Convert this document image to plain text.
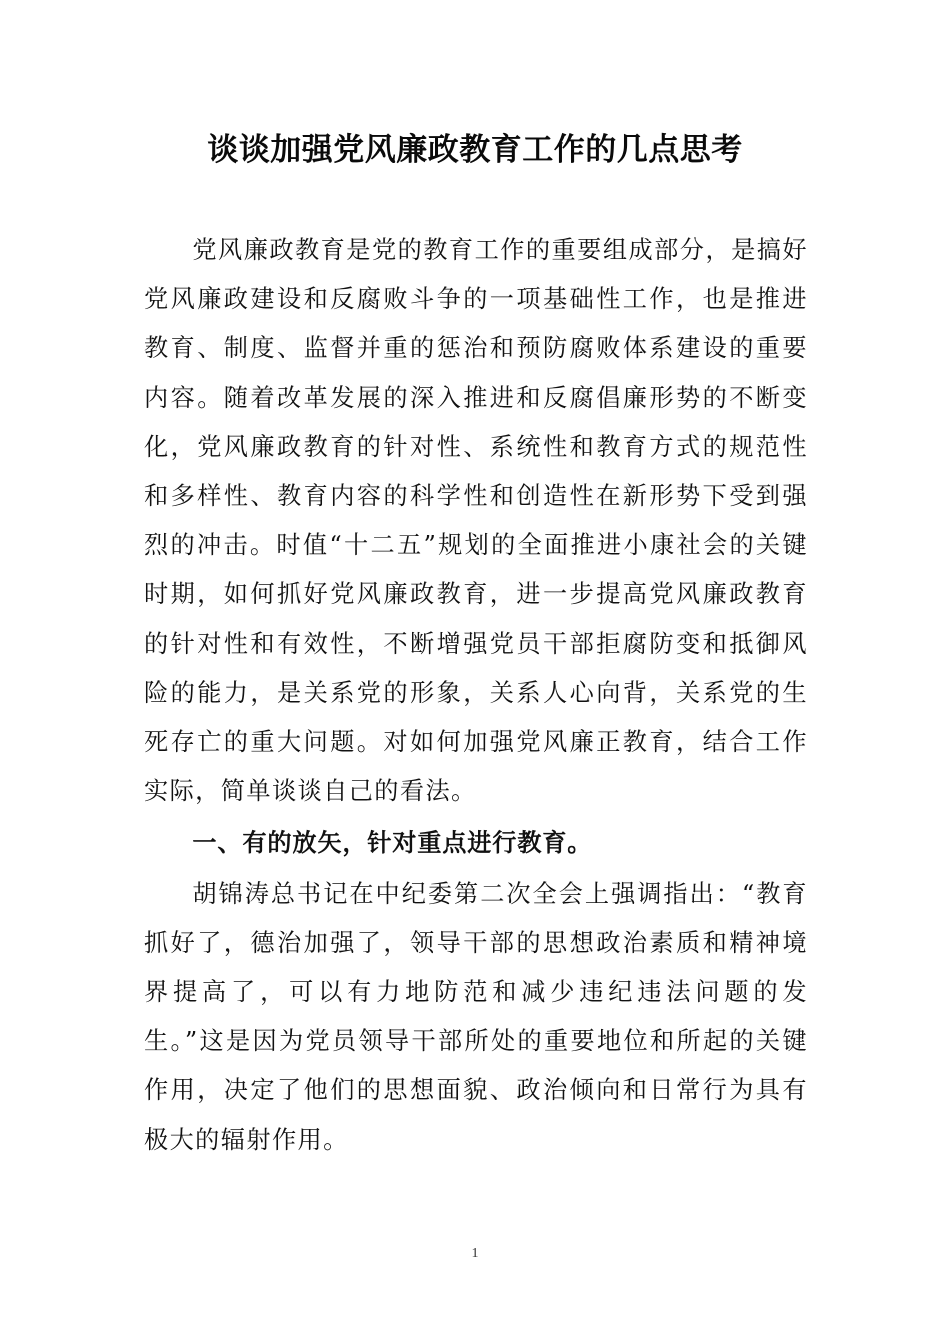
谈谈加强党风廉政教育工作的几点思考

党风廉政教育是党的教育工作的重要组成部分，是搞好党风廉政建设和反腐败斗争的一项基础性工作，也是推进教育、制度、监督并重的惩治和预防腐败体系建设的重要内容。随着改革发展的深入推进和反腐倡廉形势的不断变化，党风廉政教育的针对性、系统性和教育方式的规范性和多样性、教育内容的科学性和创造性在新形势下受到强烈的冲击。时值“十二五”规划的全面推进小康社会的关键时期，如何抓好党风廉政教育，进一步提高党风廉政教育的针对性和有效性，不断增强党员干部拒腐防变和抵御风险的能力，是关系党的形象，关系人心向背，关系党的生死存亡的重大问题。对如何加强党风廉正教育，结合工作实际，简单谈谈自己的看法。

一、有的放矢，针对重点进行教育。

胡锦涛总书记在中纪委第二次全会上强调指出：“教育抓好了，德治加强了，领导干部的思想政治素质和精神境界提高了，可以有力地防范和减少违纪违法问题的发生。”这是因为党员领导干部所处的重要地位和所起的关键作用，决定了他们的思想面貌、政治倾向和日常行为具有极大的辐射作用。

1
